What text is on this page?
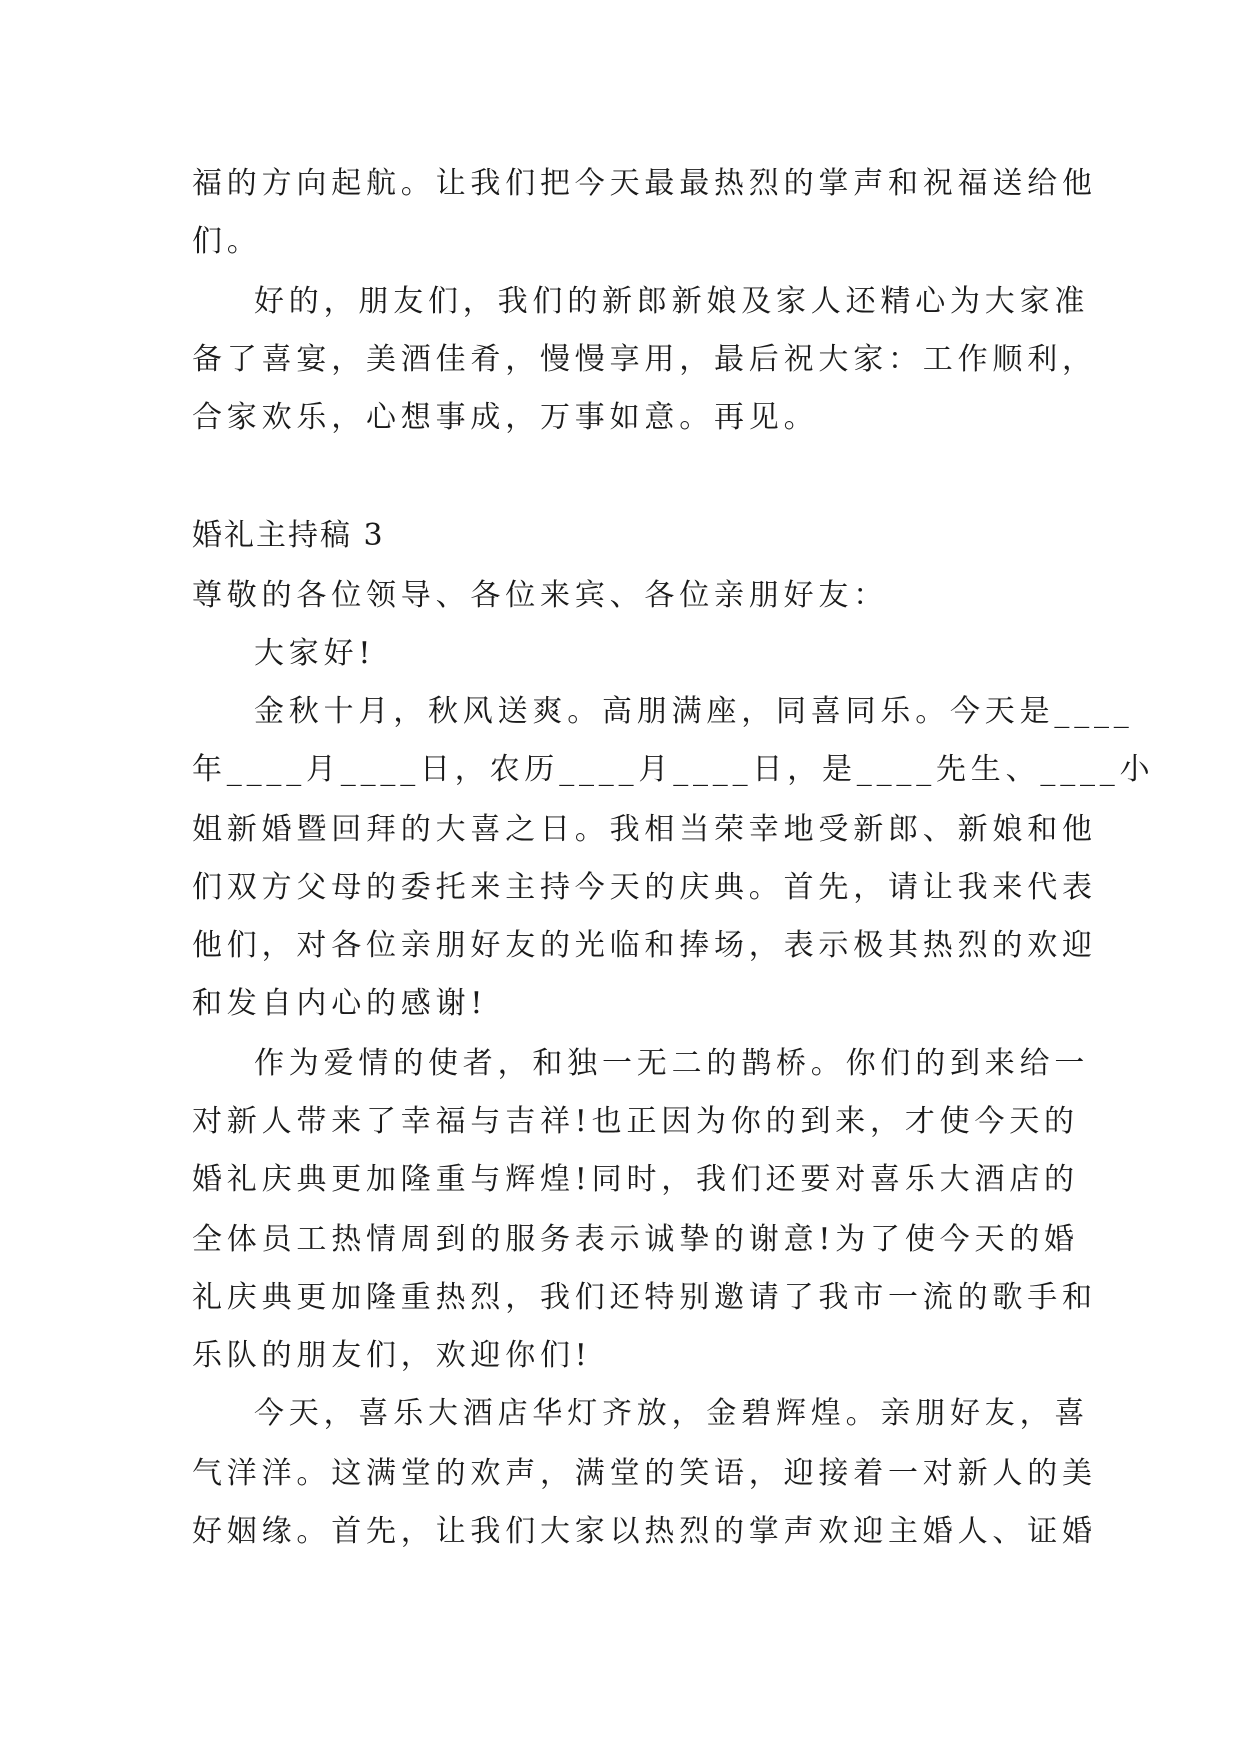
福的方向起航。让我们把今天最最热烈的掌声和祝福送给他
们。
好的，朋友们，我们的新郎新娘及家人还精心为大家准
备了喜宴，美酒佳肴，慢慢享用，最后祝大家：工作顺利，
合家欢乐，心想事成，万事如意。再见。
婚礼主持稿 3
尊敬的各位领导、各位来宾、各位亲朋好友：
大家好!
金秋十月，秋风送爽。高朋满座，同喜同乐。今天是____
年____月____日，农历____月____日，是____先生、____小
姐新婚暨回拜的大喜之日。我相当荣幸地受新郎、新娘和他
们双方父母的委托来主持今天的庆典。首先，请让我来代表
他们，对各位亲朋好友的光临和捧场，表示极其热烈的欢迎
和发自内心的感谢!
作为爱情的使者，和独一无二的鹊桥。你们的到来给一
对新人带来了幸福与吉祥!也正因为你的到来，才使今天的
婚礼庆典更加隆重与辉煌!同时，我们还要对喜乐大酒店的
全体员工热情周到的服务表示诚挚的谢意!为了使今天的婚
礼庆典更加隆重热烈，我们还特别邀请了我市一流的歌手和
乐队的朋友们，欢迎你们!
今天，喜乐大酒店华灯齐放，金碧辉煌。亲朋好友，喜
气洋洋。这满堂的欢声，满堂的笑语，迎接着一对新人的美
好姻缘。首先，让我们大家以热烈的掌声欢迎主婚人、证婚
